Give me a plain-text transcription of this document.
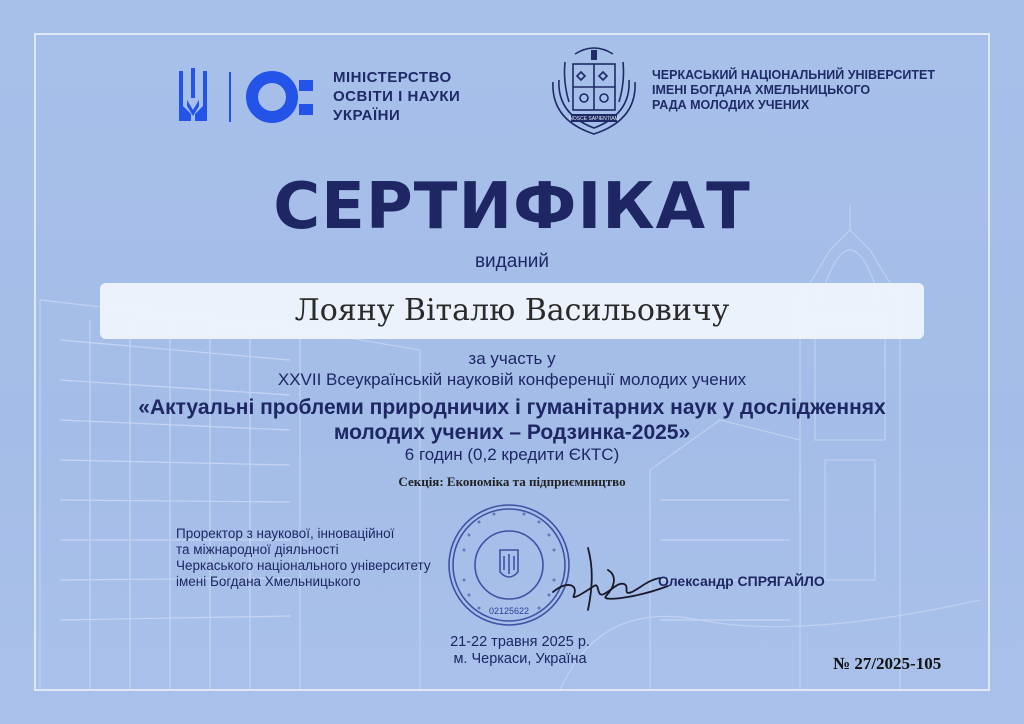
МІНІСТЕРСТВО
ОСВІТИ І НАУКИ
УКРАЇНИ	NOSCE SAPIENTIAM
ЧЕРКАСЬКИЙ НАЦІОНАЛЬНИЙ УНІВЕРСИТЕТ
ІМЕНІ БОГДАНА ХМЕЛЬНИЦЬКОГО
РАДА МОЛОДИХ УЧЕНИХ
СЕРТИФІКАТ
виданий
Лояну Віталю Васильовичу
за участь у
XXVII Всеукраїнській науковій конференції молодих учених
«Актуальні проблеми природничих і гуманітарних наук у дослідженнях
молодих учених – Родзинка-2025»
6 годин (0,2 кредити ЄКТС)
Секція: Економіка та підприємництво
Проректор з наукової, інноваційної
та міжнародної діяльності
Черкаського національного університету
імені Богдана Хмельницького
02125622
Олександр СПРЯГАЙЛО
21-22 травня 2025 р.
м. Черкаси, Україна	№ 27/2025-105
